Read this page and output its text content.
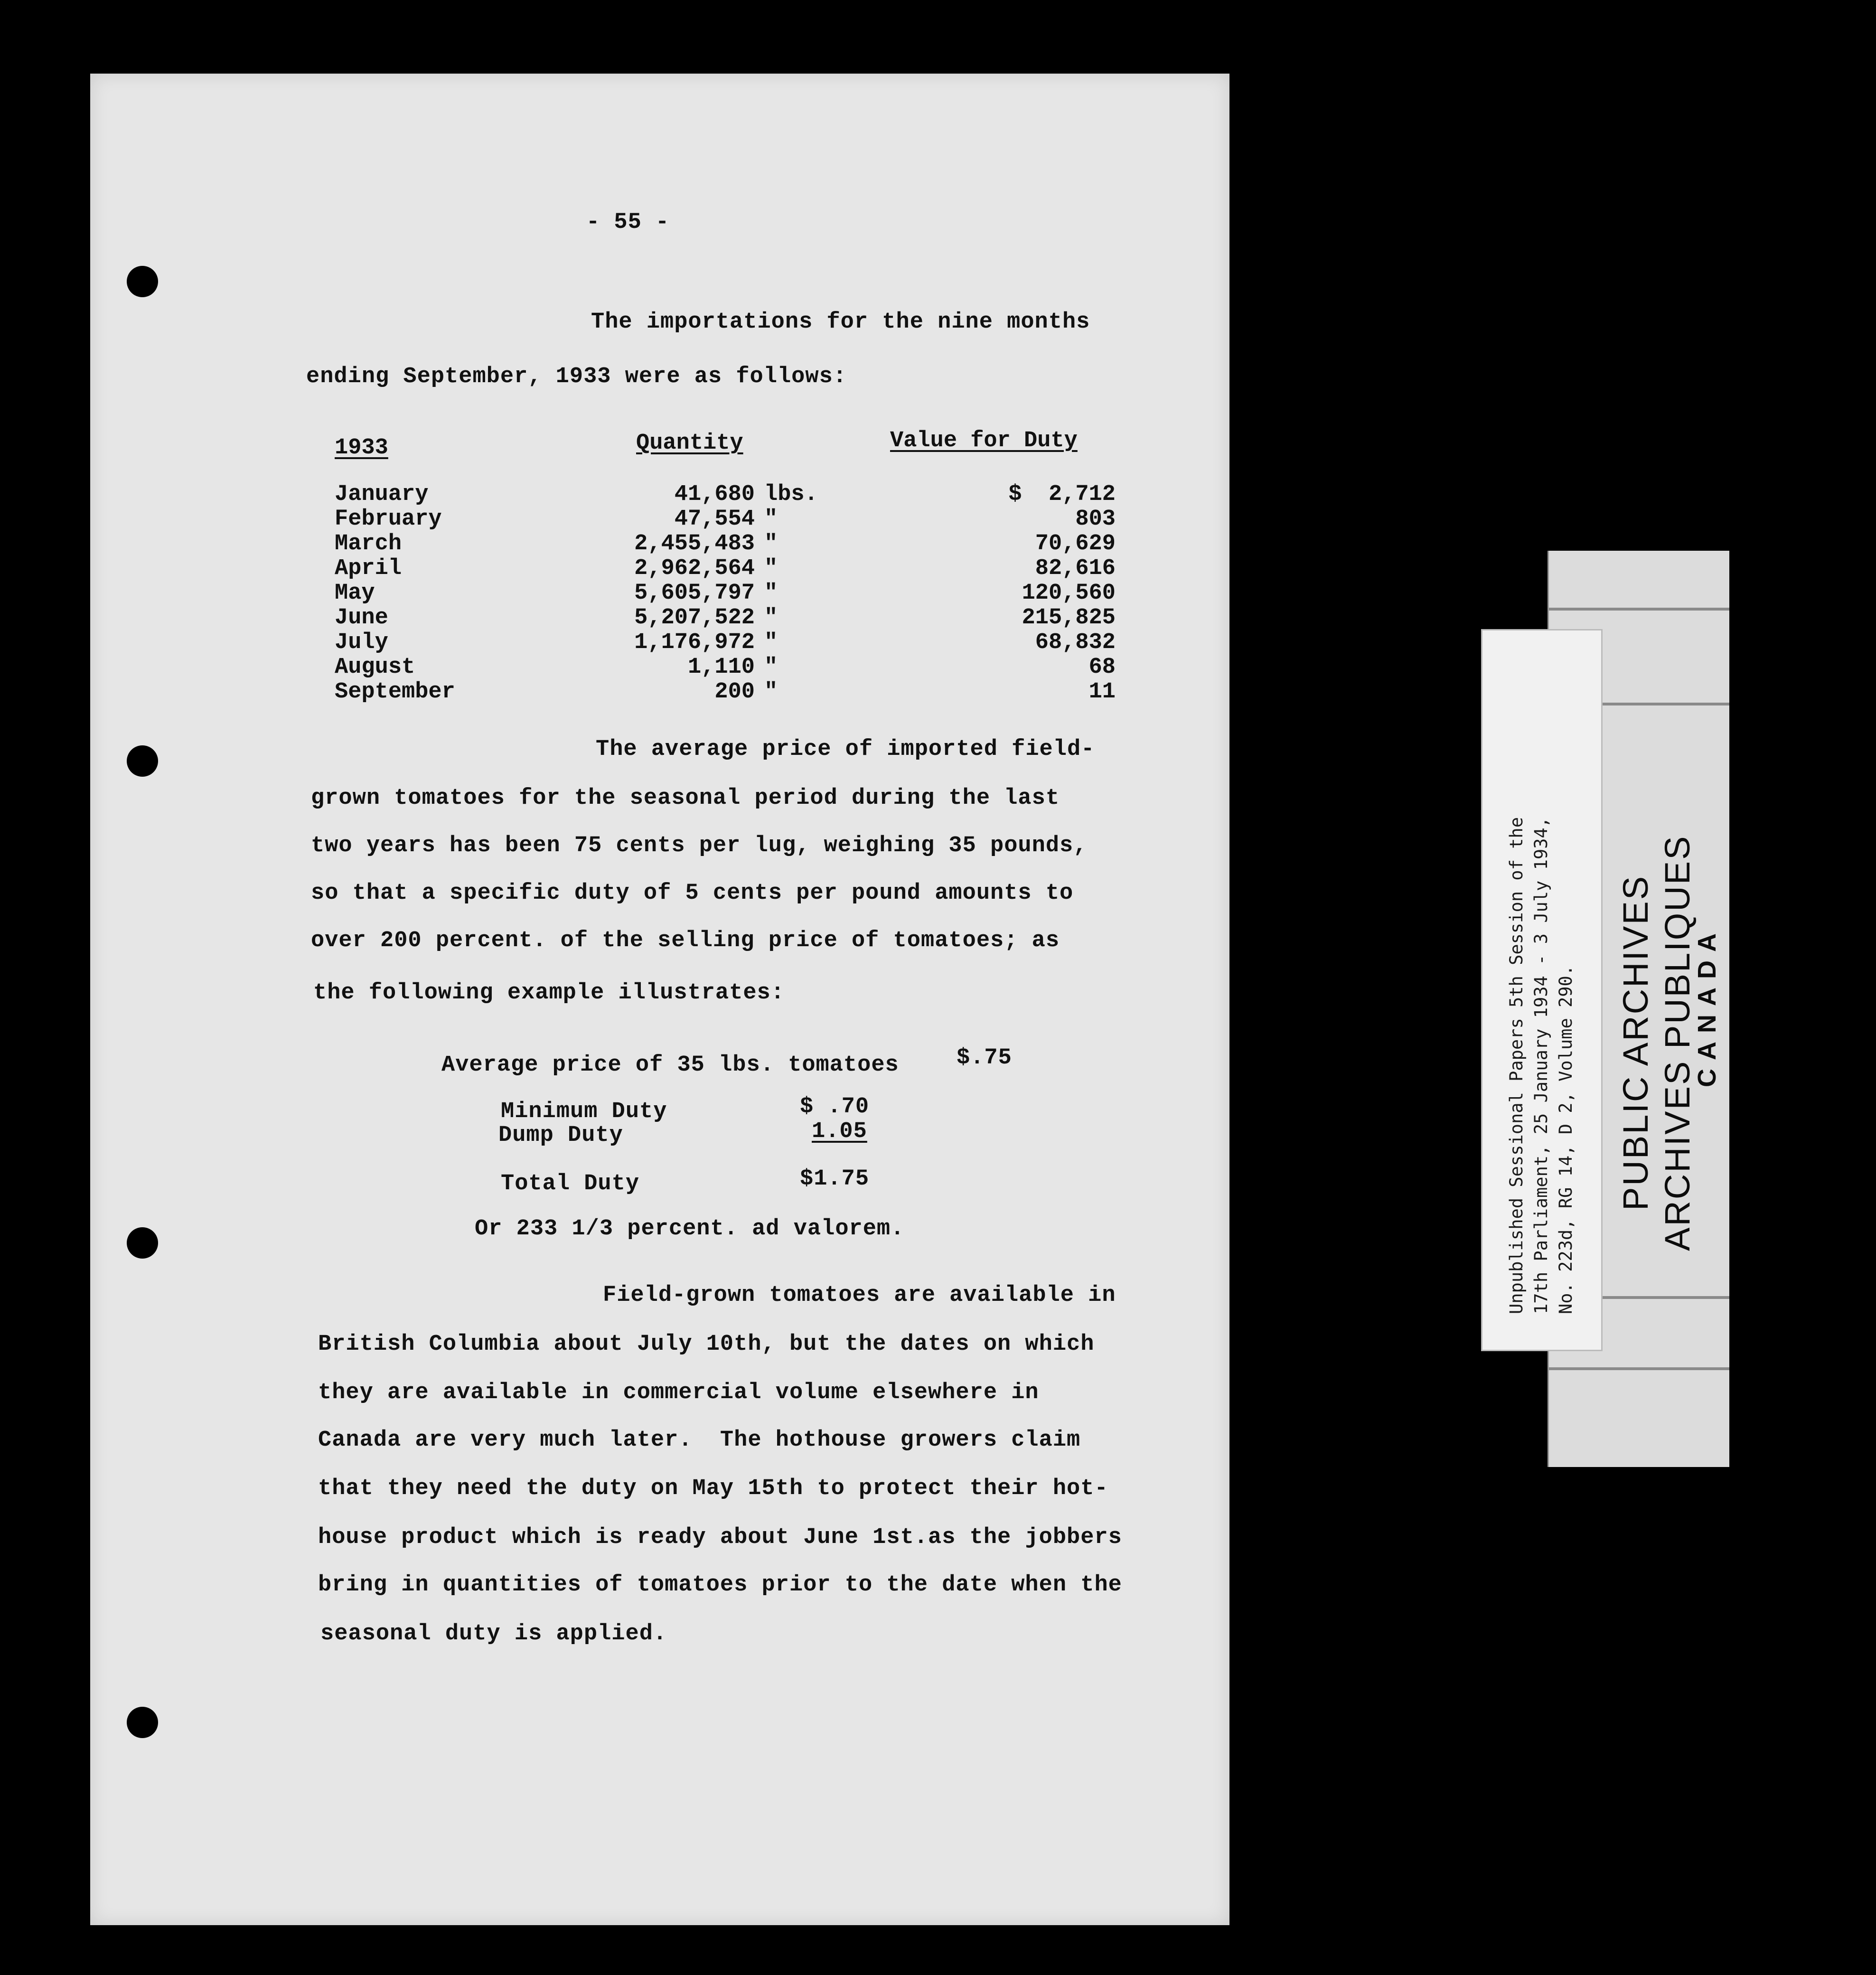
- 55 -
The importations for the nine months
ending September, 1933 were as follows:
1933	Quantity	Value for Duty
January	41,680 lbs.	$  2,712
February	47,554 "	803
March	2,455,483 "	70,629
April	2,962,564 "	82,616
May	5,605,797 "	120,560
June	5,207,522 "	215,825
July	1,176,972 "	68,832
August	1,110 "	68
September	200 "	11
The average price of imported field-
grown tomatoes for the seasonal period during the last
two years has been 75 cents per lug, weighing 35 pounds,
so that a specific duty of 5 cents per pound amounts to
over 200 percent. of the selling price of tomatoes; as
the following example illustrates:
Average price of 35 lbs. tomatoes	$.75
Minimum Duty	$ .70
Dump Duty	1.05
Total Duty	$1.75
Or 233 1/3 percent. ad valorem.
Field-grown tomatoes are available in
British Columbia about July 10th, but the dates on which
they are available in commercial volume elsewhere in
Canada are very much later.  The hothouse growers claim
that they need the duty on May 15th to protect their hot-
house product which is ready about June 1st.as the jobbers
bring in quantities of tomatoes prior to the date when the
seasonal duty is applied.
PUBLIC ARCHIVES ARCHIVES PUBLIQUES
CANADA
Unpublished Sessional Papers 5th Session of the 17th Parliament, 25 January 1934 - 3 July 1934, No. 223d, RG 14, D 2, Volume 290.
